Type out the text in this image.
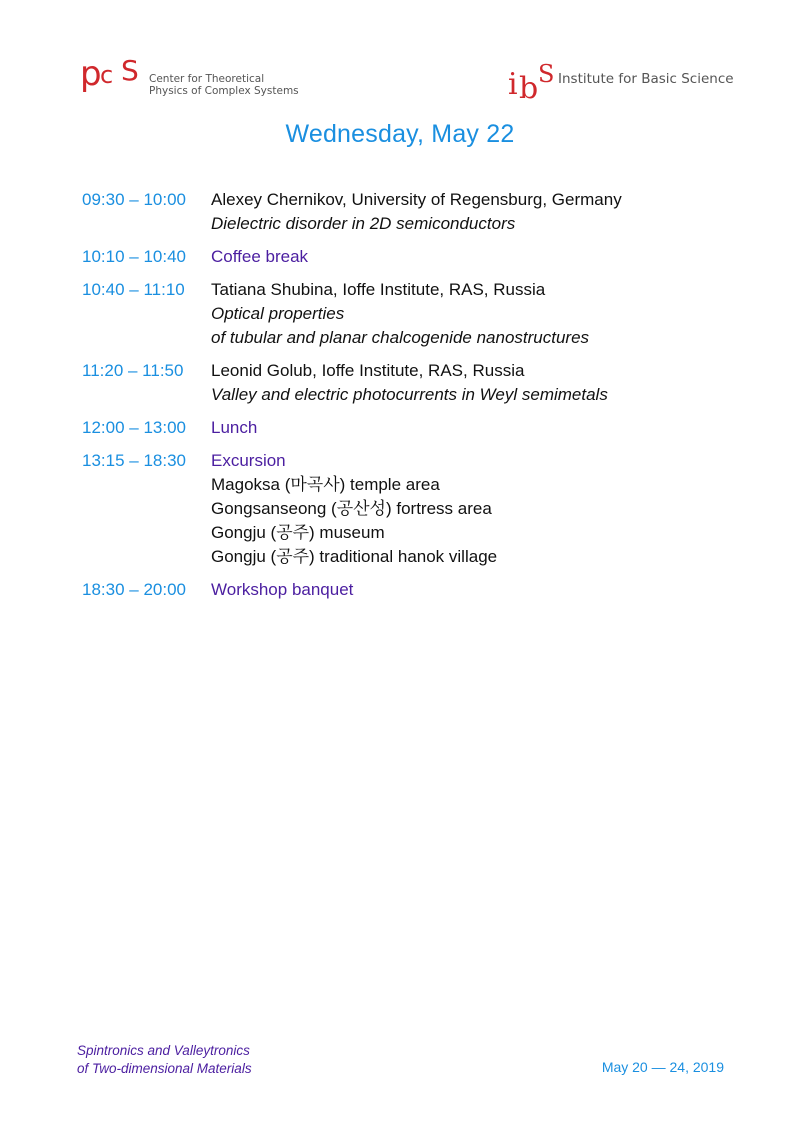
p
c S Center for Theoretical
Physics of Complex Systems	i b S Institute for Basic Science
Wednesday, May 22
09:30 – 10:00	Alexey Chernikov, University of Regensburg, Germany
Dielectric disorder in 2D semiconductors
10:10 – 10:40	Coffee break
10:40 – 11:10	Tatiana Shubina, Ioffe Institute, RAS, Russia
Optical properties
of tubular and planar chalcogenide nanostructures
11:20 – 11:50	Leonid Golub, Ioffe Institute, RAS, Russia
Valley and electric photocurrents in Weyl semimetals
12:00 – 13:00	Lunch
13:15 – 18:30	Excursion
Magoksa (마곡사) temple area
Gongsanseong (공산성) fortress area
Gongju (공주) museum
Gongju (공주) traditional hanok village
18:30 – 20:00	Workshop banquet
Spintronics and Valleytronics
of Two-dimensional Materials	May 20 — 24, 2019
